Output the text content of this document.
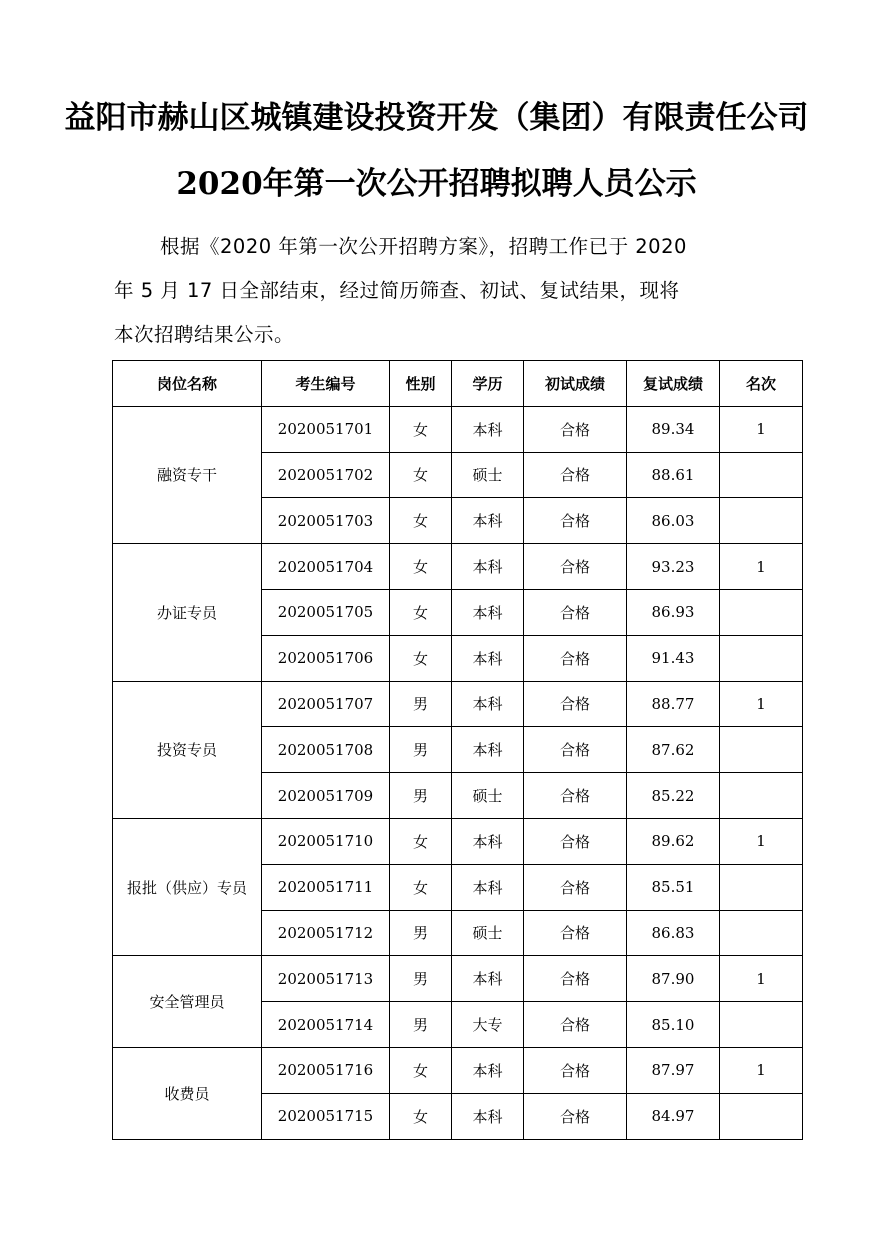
益阳市赫山区城镇建设投资开发（集团）有限责任公司
2020年第一次公开招聘拟聘人员公示
根据《2020 年第一次公开招聘方案》，招聘工作已于 2020
年 5 月 17 日全部结束，经过简历筛查、初试、复试结果，现将
本次招聘结果公示。
岗位名称	考生编号	性别	学历	初试成绩	复试成绩	名次
融资专干	2020051701	女	本科	合格	89.34	1
	2020051702	女	硕士	合格	88.61	
	2020051703	女	本科	合格	86.03	
办证专员	2020051704	女	本科	合格	93.23	1
	2020051705	女	本科	合格	86.93	
	2020051706	女	本科	合格	91.43	
投资专员	2020051707	男	本科	合格	88.77	1
	2020051708	男	本科	合格	87.62	
	2020051709	男	硕士	合格	85.22	
报批（供应）专员	2020051710	女	本科	合格	89.62	1
	2020051711	女	本科	合格	85.51	
	2020051712	男	硕士	合格	86.83	
安全管理员	2020051713	男	本科	合格	87.90	1
	2020051714	男	大专	合格	85.10	
收费员	2020051716	女	本科	合格	87.97	1
	2020051715	女	本科	合格	84.97	
